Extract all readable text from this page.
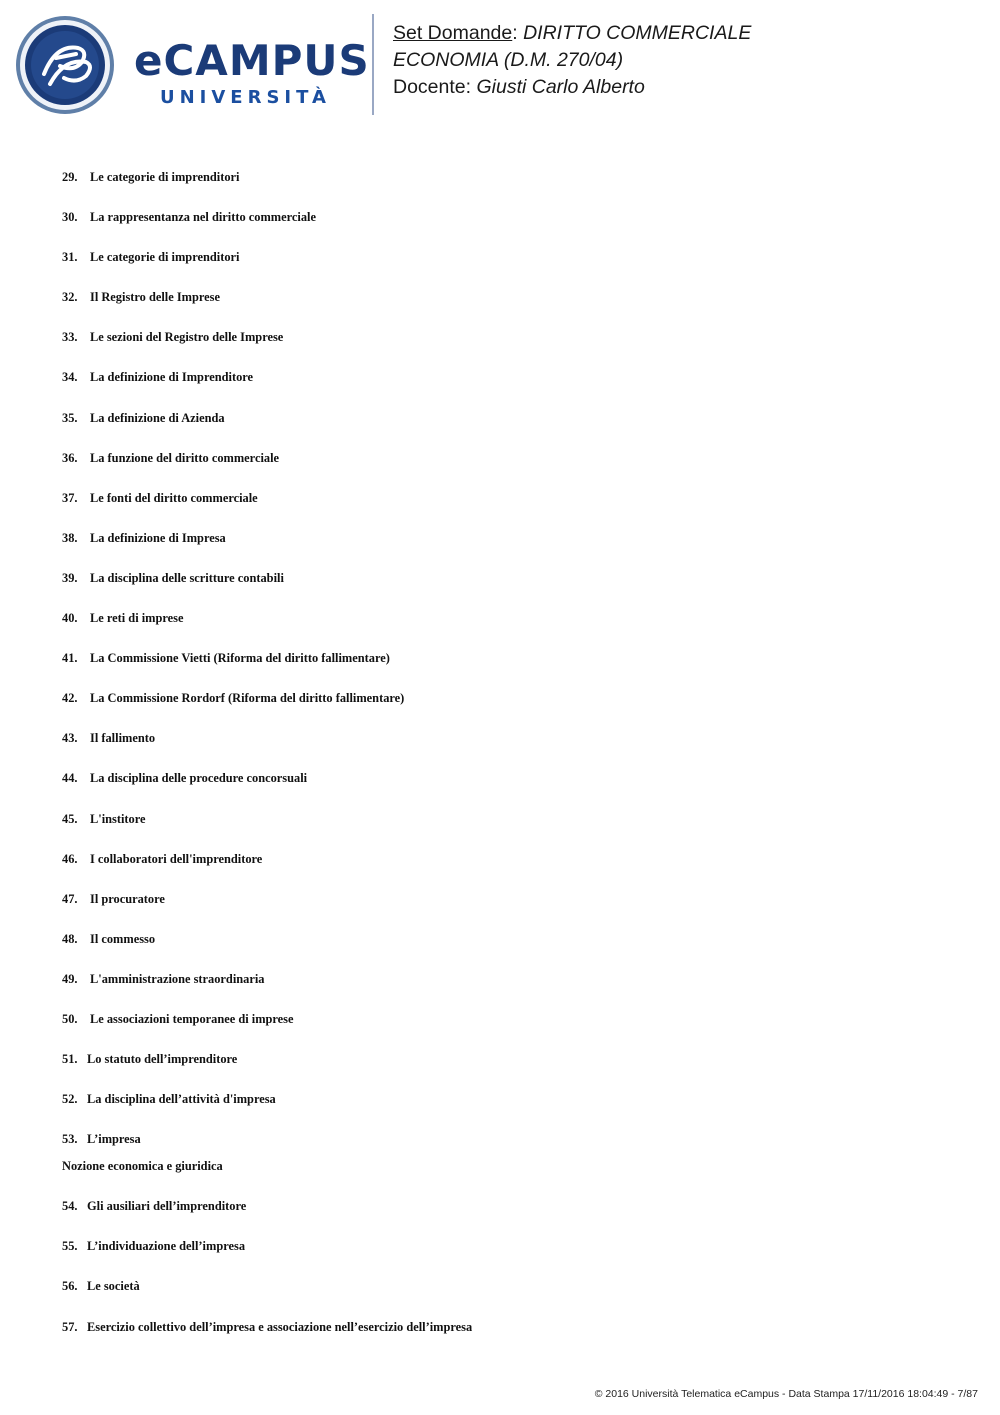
eCAMPUS
UNIVERSITÀ
Set Domande: DIRITTO COMMERCIALE
ECONOMIA (D.M. 270/04)
Docente: Giusti Carlo Alberto
29. Le categorie di imprenditori
30. La rappresentanza nel diritto commerciale
31. Le categorie di imprenditori
32. Il Registro delle Imprese
33. Le sezioni del Registro delle Imprese
34. La definizione di Imprenditore
35. La definizione di Azienda
36. La funzione del diritto commerciale
37. Le fonti del diritto commerciale
38. La definizione di Impresa
39. La disciplina delle scritture contabili
40. Le reti di imprese
41. La Commissione Vietti (Riforma del diritto fallimentare)
42. La Commissione Rordorf (Riforma del diritto fallimentare)
43. Il fallimento
44. La disciplina delle procedure concorsuali
45. L'institore
46. I collaboratori dell'imprenditore
47. Il procuratore
48. Il commesso
49. L'amministrazione straordinaria
50. Le associazioni temporanee di imprese
51. Lo statuto dell’imprenditore
52. La disciplina dell’attività d'impresa
53. L’impresa
Nozione economica e giuridica
54. Gli ausiliari dell’imprenditore
55. L’individuazione dell’impresa
56. Le società
57. Esercizio collettivo dell’impresa e associazione nell’esercizio dell’impresa
© 2016 Università Telematica eCampus - Data Stampa 17/11/2016 18:04:49 - 7/87
